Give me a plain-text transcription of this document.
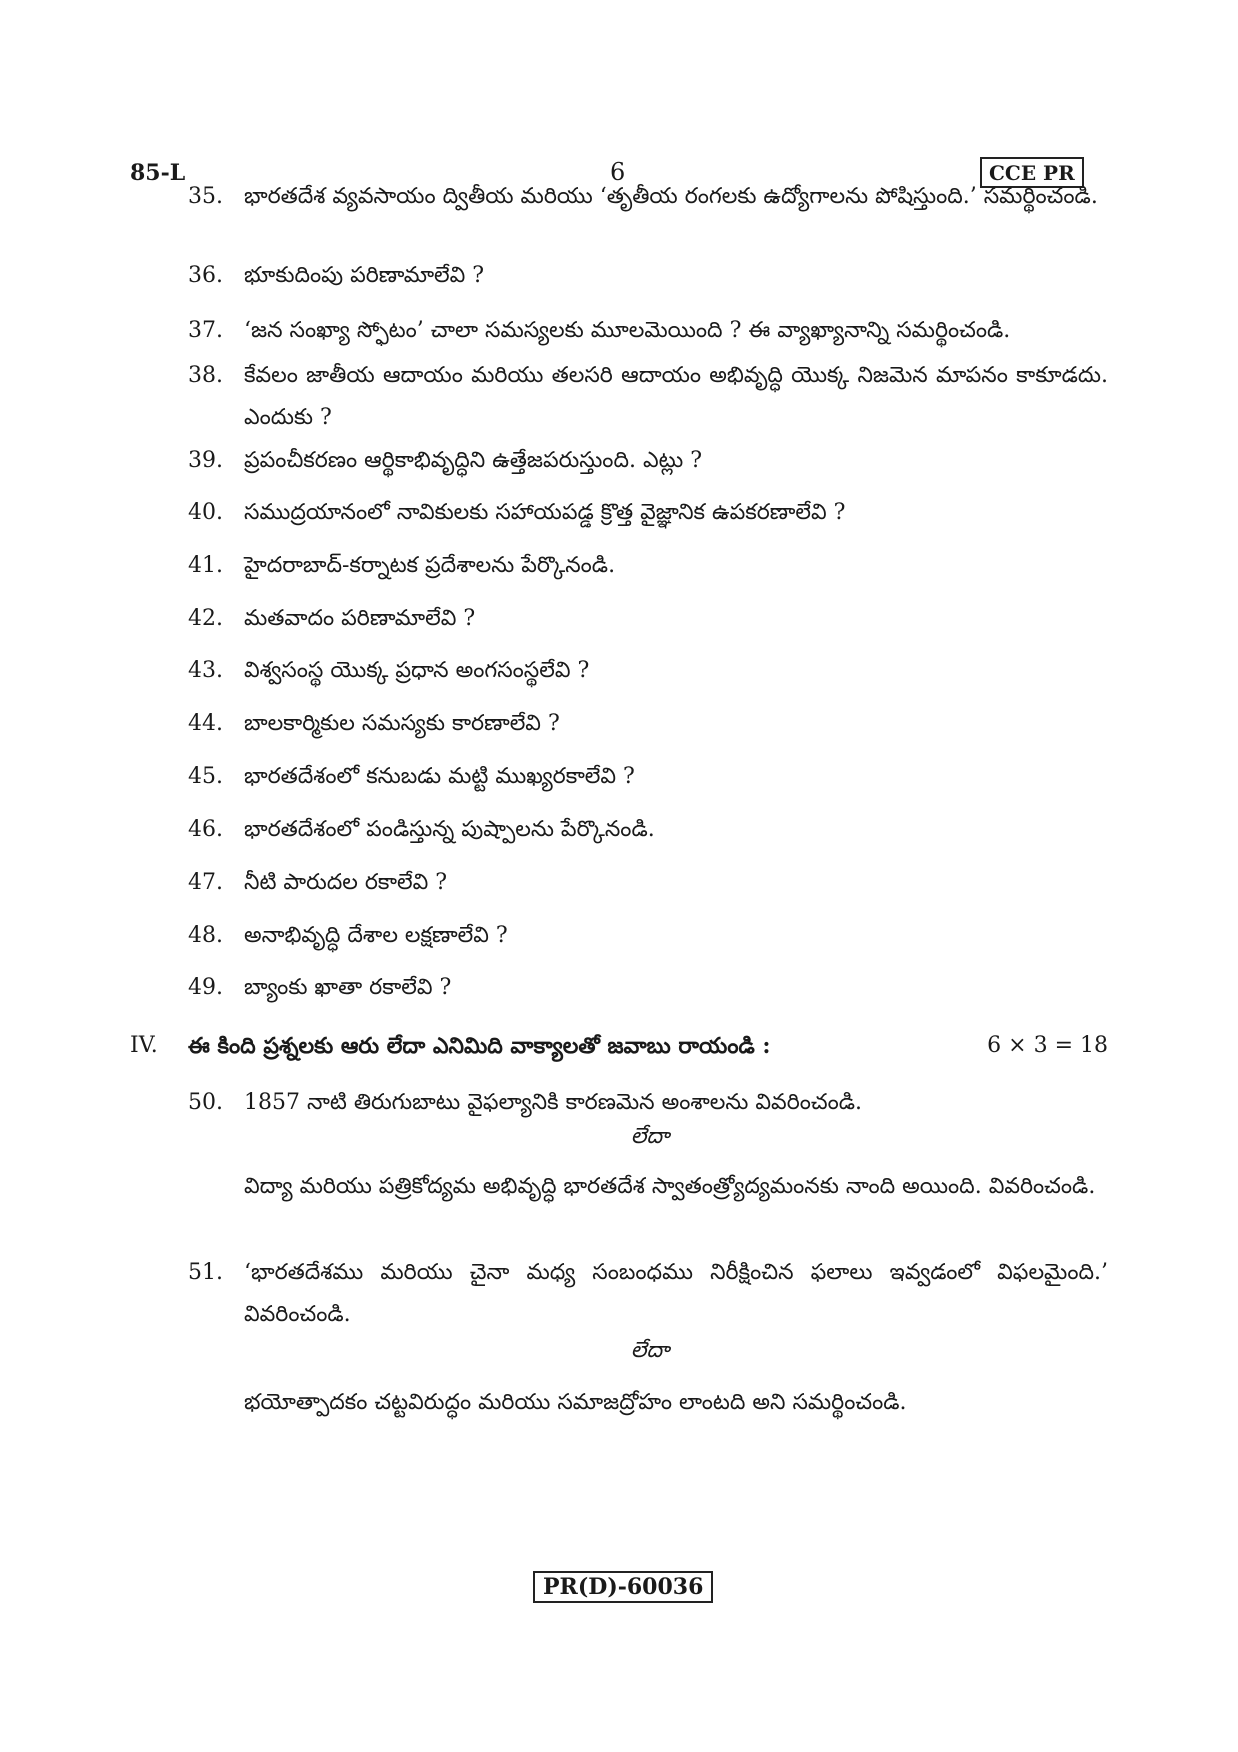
85-L	6	CCE PR
35. భారతదేశ వ్యవసాయం ద్వితీయ మరియు ‘తృతీయ రంగలకు ఉద్యోగాలను పోషిస్తుంది.’ సమర్థించండి.
36. భూకుదింపు పరిణామాలేవి ?
37. ‘జన సంఖ్యా స్ఫోటం’ చాలా సమస్యలకు మూలమెయింది ? ఈ వ్యాఖ్యానాన్ని సమర్థించండి.
38. కేవలం జాతీయ ఆదాయం మరియు తలసరి ఆదాయం అభివృద్ధి యొక్క నిజమెన మాపనం కాకూడదు. ఎందుకు ?
39. ప్రపంచీకరణం ఆర్థికాభివృద్ధిని ఉత్తేజపరుస్తుంది. ఎట్లు ?
40. సముద్రయానంలో నావికులకు సహాయపడ్డ క్రొత్త వైజ్ఞానిక ఉపకరణాలేవి ?
41. హైదరాబాద్-కర్నాటక ప్రదేశాలను పేర్కొనండి.
42. మతవాదం పరిణామాలేవి ?
43. విశ్వసంస్థ యొక్క ప్రధాన అంగసంస్థలేవి ?
44. బాలకార్మికుల సమస్యకు కారణాలేవి ?
45. భారతదేశంలో కనుబడు మట్టి ముఖ్యరకాలేవి ?
46. భారతదేశంలో పండిస్తున్న పుష్పాలను పేర్కొనండి.
47. నీటి పారుదల రకాలేవి ?
48. అనాభివృద్ధి దేశాల లక్షణాలేవి ?
49. బ్యాంకు ఖాతా రకాలేవి ?
IV. ఈ కింది ప్రశ్నలకు ఆరు లేదా ఎనిమిది వాక్యాలతో జవాబు రాయండి :	6 × 3 = 18
50. 1857 నాటి తిరుగుబాటు వైఫల్యానికి కారణమెన అంశాలను వివరించండి.
లేదా
విద్యా మరియు పత్రికోద్యమ అభివృద్ధి భారతదేశ స్వాతంత్ర్యోద్యమంనకు నాంది అయింది. వివరించండి.
51. ‘భారతదేశము మరియు చైనా మధ్య సంబంధము నిరీక్షించిన ఫలాలు ఇవ్వడంలో విఫలమైంది.’ వివరించండి.
లేదా
భయోత్పాదకం చట్టవిరుద్ధం మరియు సమాజద్రోహం లాంటది అని సమర్థించండి.
PR(D)-60036
